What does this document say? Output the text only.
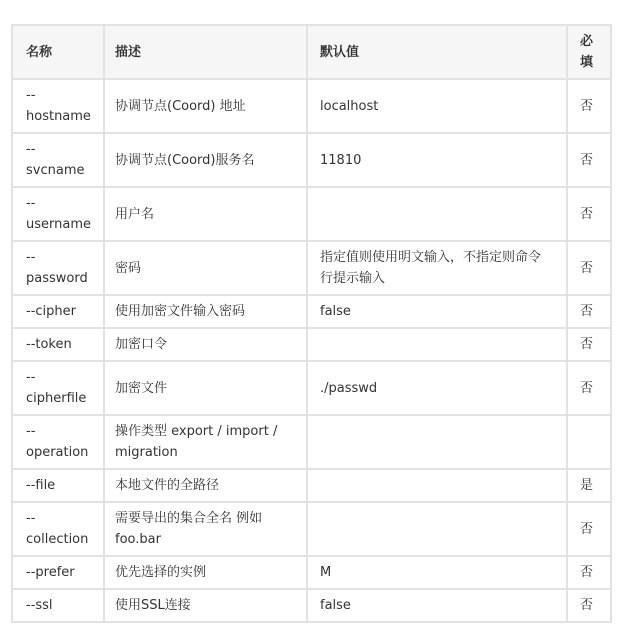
名称	描述	默认值	必填

--hostname	协调节点(Coord) 地址	localhost	否

--svcname	协调节点(Coord)服务名	11810	否

--username	用户名		否

--password	密码	指定值则使用明文输入，不指定则命令行提示输入	否

--cipher	使用加密文件输入密码	false	否

--token	加密口令		否

--cipherfile	加密文件	./passwd	否

--operation	操作类型 export / import / migration		

--file	本地文件的全路径		是

--collection	需要导出的集合全名 例如 foo.bar		否

--prefer	优先选择的实例	M	否

--ssl	使用SSL连接	false	否
